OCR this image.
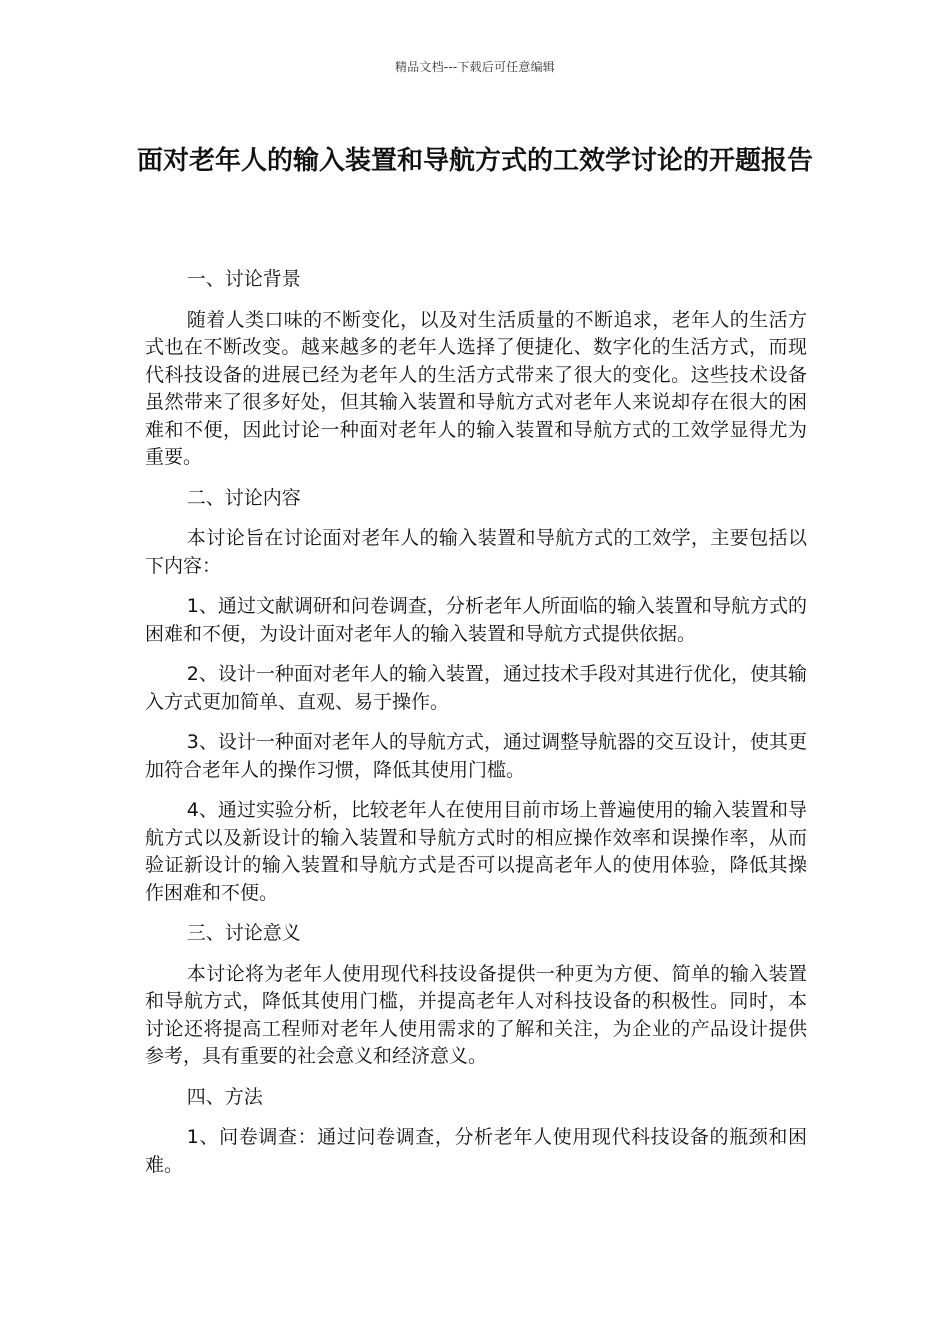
精品文档---下载后可任意编辑
面对老年人的输入装置和导航方式的工效学讨论的开题报告

一、讨论背景

随着人类口味的不断变化，以及对生活质量的不断追求，老年人的生活方式也在不断改变。越来越多的老年人选择了便捷化、数字化的生活方式，而现代科技设备的进展已经为老年人的生活方式带来了很大的变化。这些技术设备虽然带来了很多好处，但其输入装置和导航方式对老年人来说却存在很大的困难和不便，因此讨论一种面对老年人的输入装置和导航方式的工效学显得尤为重要。

二、讨论内容

本讨论旨在讨论面对老年人的输入装置和导航方式的工效学，主要包括以下内容：

1、通过文献调研和问卷调查，分析老年人所面临的输入装置和导航方式的困难和不便，为设计面对老年人的输入装置和导航方式提供依据。

2、设计一种面对老年人的输入装置，通过技术手段对其进行优化，使其输入方式更加简单、直观、易于操作。

3、设计一种面对老年人的导航方式，通过调整导航器的交互设计，使其更加符合老年人的操作习惯，降低其使用门槛。

4、通过实验分析，比较老年人在使用目前市场上普遍使用的输入装置和导航方式以及新设计的输入装置和导航方式时的相应操作效率和误操作率，从而验证新设计的输入装置和导航方式是否可以提高老年人的使用体验，降低其操作困难和不便。

三、讨论意义

本讨论将为老年人使用现代科技设备提供一种更为方便、简单的输入装置和导航方式，降低其使用门槛，并提高老年人对科技设备的积极性。同时，本讨论还将提高工程师对老年人使用需求的了解和关注，为企业的产品设计提供参考，具有重要的社会意义和经济意义。

四、方法

1、问卷调查：通过问卷调查，分析老年人使用现代科技设备的瓶颈和困难。
